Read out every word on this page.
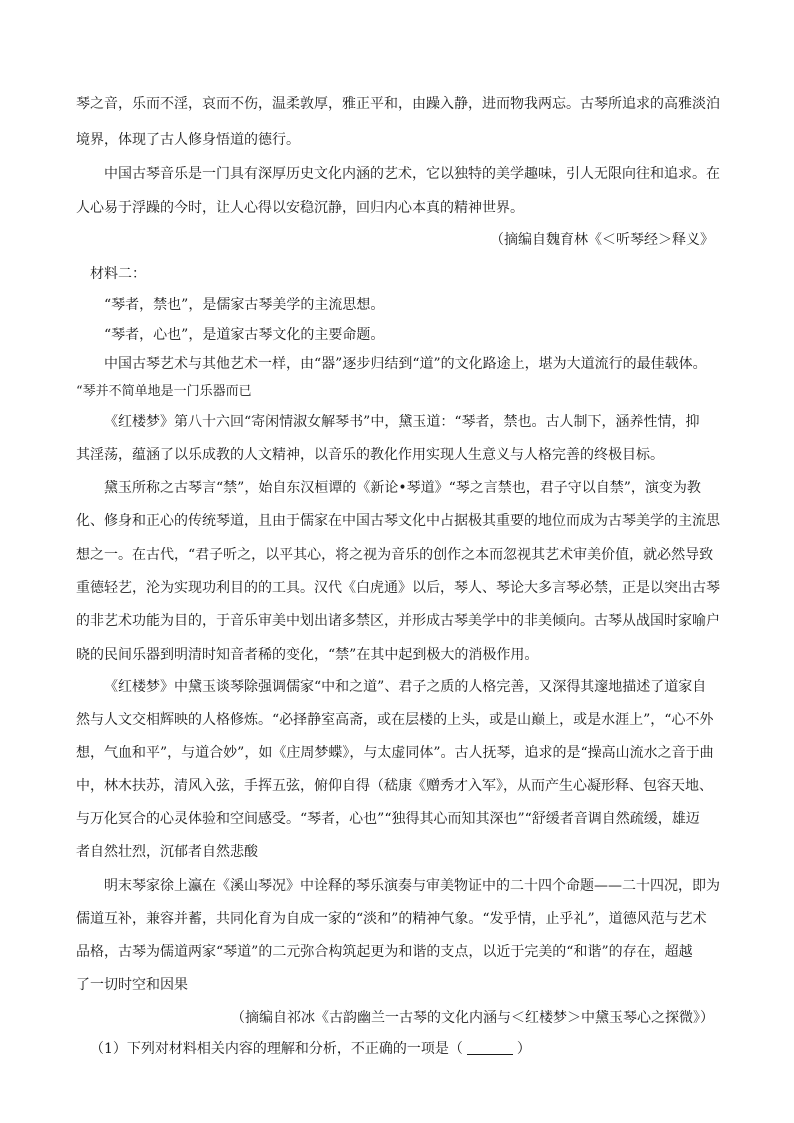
琴之音，乐而不淫，哀而不伤，温柔敦厚，雅正平和，由躁入静，进而物我两忘。古琴所追求的高雅淡泊
境界，体现了古人修身悟道的德行。
中国古琴音乐是一门具有深厚历史文化内涵的艺术，它以独特的美学趣味，引人无限向往和追求。在
人心易于浮躁的今时，让人心得以安稳沉静，回归内心本真的精神世界。
（摘编自魏育林《＜听琴经＞释义》
材料二：
“琴者，禁也”，是儒家古琴美学的主流思想。
“琴者，心也”，是道家古琴文化的主要命题。
中国古琴艺术与其他艺术一样，由“器”逐步归结到“道”的文化路途上，堪为大道流行的最佳载体。
“琴并不简单地是一门乐器而已
《红楼梦》第八十六回“寄闲情淑女解琴书”中，黛玉道：“琴者，禁也。古人制下，涵养性情，抑
其淫荡，蕴涵了以乐成教的人文精神，以音乐的教化作用实现人生意义与人格完善的终极目标。
黛玉所称之古琴言“禁”，始自东汉桓谭的《新论•琴道》“琴之言禁也，君子守以自禁”，演变为教
化、修身和正心的传统琴道，且由于儒家在中国古琴文化中占据极其重要的地位而成为古琴美学的主流思
想之一。在古代，“君子听之，以平其心，将之视为音乐的创作之本而忽视其艺术审美价值，就必然导致
重德轻艺，沦为实现功利目的的工具。汉代《白虎通》以后，琴人、琴论大多言琴必禁，正是以突出古琴
的非艺术功能为目的，于音乐审美中划出诸多禁区，并形成古琴美学中的非美倾向。古琴从战国时家喻户
晓的民间乐器到明清时知音者稀的变化，“禁”在其中起到极大的消极作用。
《红楼梦》中黛玉谈琴除强调儒家“中和之道”、君子之质的人格完善，又深得其邃地描述了道家自
然与人文交相辉映的人格修炼。“必择静室高斋，或在层楼的上头，或是山巅上，或是水涯上”，“心不外
想，气血和平”，与道合妙”，如《庄周梦蝶》，与太虚同体”。古人抚琴，追求的是“操高山流水之音于曲
中，林木扶苏，清风入弦，手挥五弦，俯仰自得（嵇康《赠秀才入军》，从而产生心凝形释、包容天地、
与万化冥合的心灵体验和空间感受。“琴者，心也”“独得其心而知其深也”“舒缓者音调自然疏缓，雄迈
者自然壮烈，沉郁者自然悲酸
明末琴家徐上瀛在《溪山琴况》中诠释的琴乐演奏与审美物证中的二十四个命题——二十四况，即为
儒道互补，兼容并蓄，共同化育为自成一家的“淡和”的精神气象。“发乎情，止乎礼”，道德风范与艺术
品格，古琴为儒道两家“琴道”的二元弥合构筑起更为和谐的支点，以近于完美的“和谐”的存在，超越
了一切时空和因果
（摘编自祁冰《古韵幽兰一古琴的文化内涵与＜红楼梦＞中黛玉琴心之探微》）
（1）下列对材料相关内容的理解和分析，不正确的一项是（	）
